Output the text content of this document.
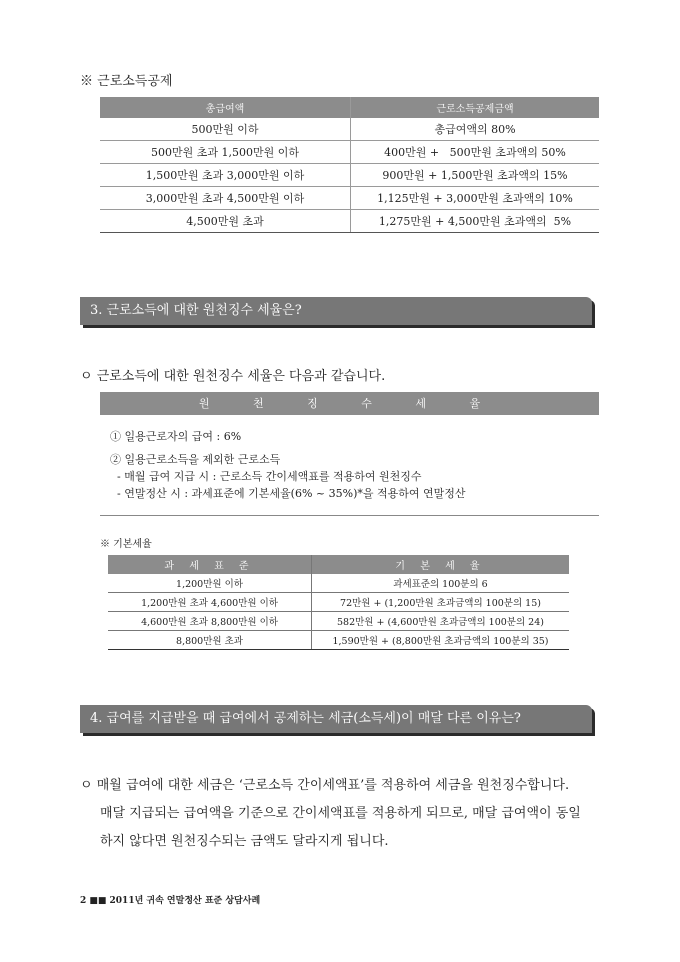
※ 근로소득공제
총급여액	근로소득공제금액
500만원 이하	총급여액의 80%
500만원 초과 1,500만원 이하	400만원 +   500만원 초과액의 50%
1,500만원 초과 3,000만원 이하	900만원 + 1,500만원 초과액의 15%
3,000만원 초과 4,500만원 이하	1,125만원 + 3,000만원 초과액의 10%
4,500만원 초과	1,275만원 + 4,500만원 초과액의  5%
3. 근로소득에 대한 원천징수 세율은?
ㅇ 근로소득에 대한 원천징수 세율은 다음과 같습니다.
원 천 징 수 세 율
① 일용근로자의 급여 : 6%
② 일용근로소득을 제외한 근로소득
- 매월 급여 지급 시 : 근로소득 간이세액표를 적용하여 원천징수
- 연말정산 시 : 과세표준에 기본세율(6% ~ 35%)*을 적용하여 연말정산
※ 기본세율
과 세 표 준	기 본 세 율
1,200만원 이하	과세표준의 100분의 6
1,200만원 초과 4,600만원 이하	72만원 + (1,200만원 초과금액의 100분의 15)
4,600만원 초과 8,800만원 이하	582만원 + (4,600만원 초과금액의 100분의 24)
8,800만원 초과	1,590만원 + (8,800만원 초과금액의 100분의 35)
4. 급여를 지급받을 때 급여에서 공제하는 세금(소득세)이 매달 다른 이유는?
ㅇ 매월 급여에 대한 세금은 ‘근로소득 간이세액표’를 적용하여 세금을 원천징수합니다.
매달 지급되는 급여액을 기준으로 간이세액표를 적용하게 되므로, 매달 급여액이 동일
하지 않다면 원천징수되는 금액도 달라지게 됩니다.
2 ■■ 2011년 귀속 연말정산 표준 상담사례
